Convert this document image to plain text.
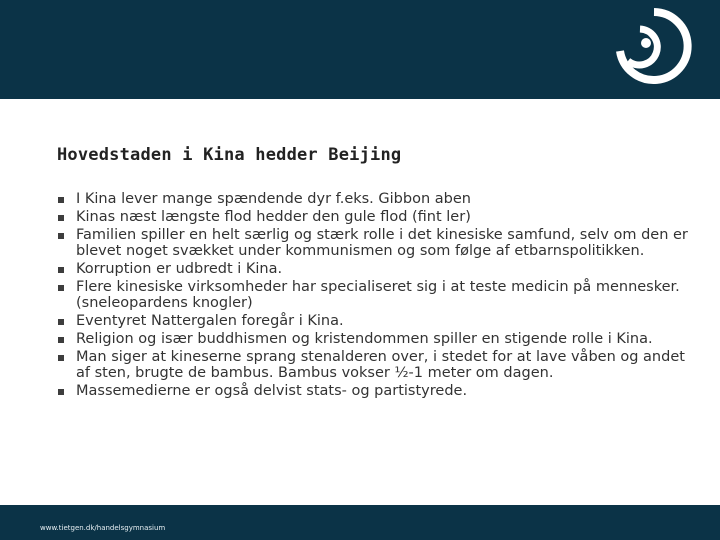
Hovedstaden i Kina hedder Beijing
I Kina lever mange spændende dyr f.eks. Gibbon aben
Kinas næst længste flod hedder den gule flod (fint ler)
Familien spiller en helt særlig og stærk rolle i det kinesiske samfund, selv om den er blevet noget svækket under kommunismen og som følge af etbarnspolitikken.
Korruption er udbredt i Kina.
Flere kinesiske virksomheder har specialiseret sig i at teste medicin på mennesker. (sneleopardens knogler)
Eventyret Nattergalen foregår i Kina.
Religion og især buddhismen og kristendommen spiller en stigende rolle i Kina.
Man siger at kineserne sprang stenalderen over, i stedet for at lave våben og andet af sten, brugte de bambus. Bambus vokser ½-1 meter om dagen.
Massemedierne er også delvist stats- og partistyrede.
www.tietgen.dk/handelsgymnasium
